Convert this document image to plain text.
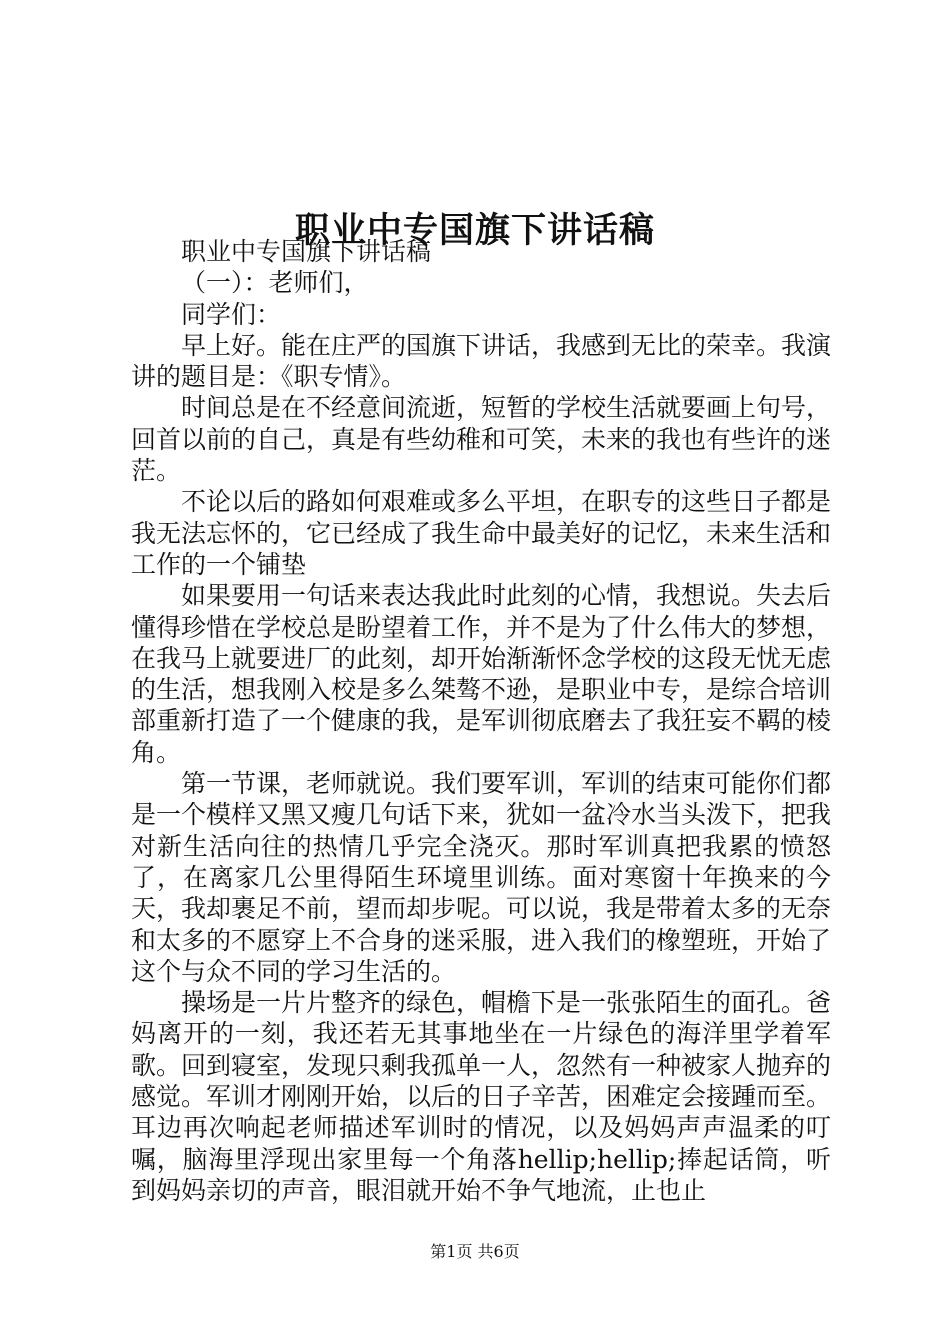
职业中专国旗下讲话稿

职业中专国旗下讲话稿

（一）：老师们，

同学们：

早上好。能在庄严的国旗下讲话，我感到无比的荣幸。我演讲的题目是：《职专情》。

时间总是在不经意间流逝，短暂的学校生活就要画上句号，回首以前的自己，真是有些幼稚和可笑，未来的我也有些许的迷茫。

不论以后的路如何艰难或多么平坦，在职专的这些日子都是我无法忘怀的，它已经成了我生命中最美好的记忆，未来生活和工作的一个铺垫

如果要用一句话来表达我此时此刻的心情，我想说。失去后懂得珍惜在学校总是盼望着工作，并不是为了什么伟大的梦想，在我马上就要进厂的此刻，却开始渐渐怀念学校的这段无忧无虑的生活，想我刚入校是多么桀骜不逊，是职业中专，是综合培训部重新打造了一个健康的我，是军训彻底磨去了我狂妄不羁的棱角。

第一节课，老师就说。我们要军训，军训的结束可能你们都是一个模样又黑又瘦几句话下来，犹如一盆冷水当头泼下，把我对新生活向往的热情几乎完全浇灭。那时军训真把我累的愤怒了，在离家几公里得陌生环境里训练。面对寒窗十年换来的今天，我却裹足不前，望而却步呢。可以说，我是带着太多的无奈和太多的不愿穿上不合身的迷采服，进入我们的橡塑班，开始了这个与众不同的学习生活的。

操场是一片片整齐的绿色，帽檐下是一张张陌生的面孔。爸妈离开的一刻，我还若无其事地坐在一片绿色的海洋里学着军歌。回到寝室，发现只剩我孤单一人，忽然有一种被家人抛弃的感觉。军训才刚刚开始，以后的日子辛苦，困难定会接踵而至。耳边再次响起老师描述军训时的情况，以及妈妈声声温柔的叮嘱，脑海里浮现出家里每一个角落hellip;hellip;捧起话筒，听到妈妈亲切的声音，眼泪就开始不争气地流，止也止

第1页 共6页
